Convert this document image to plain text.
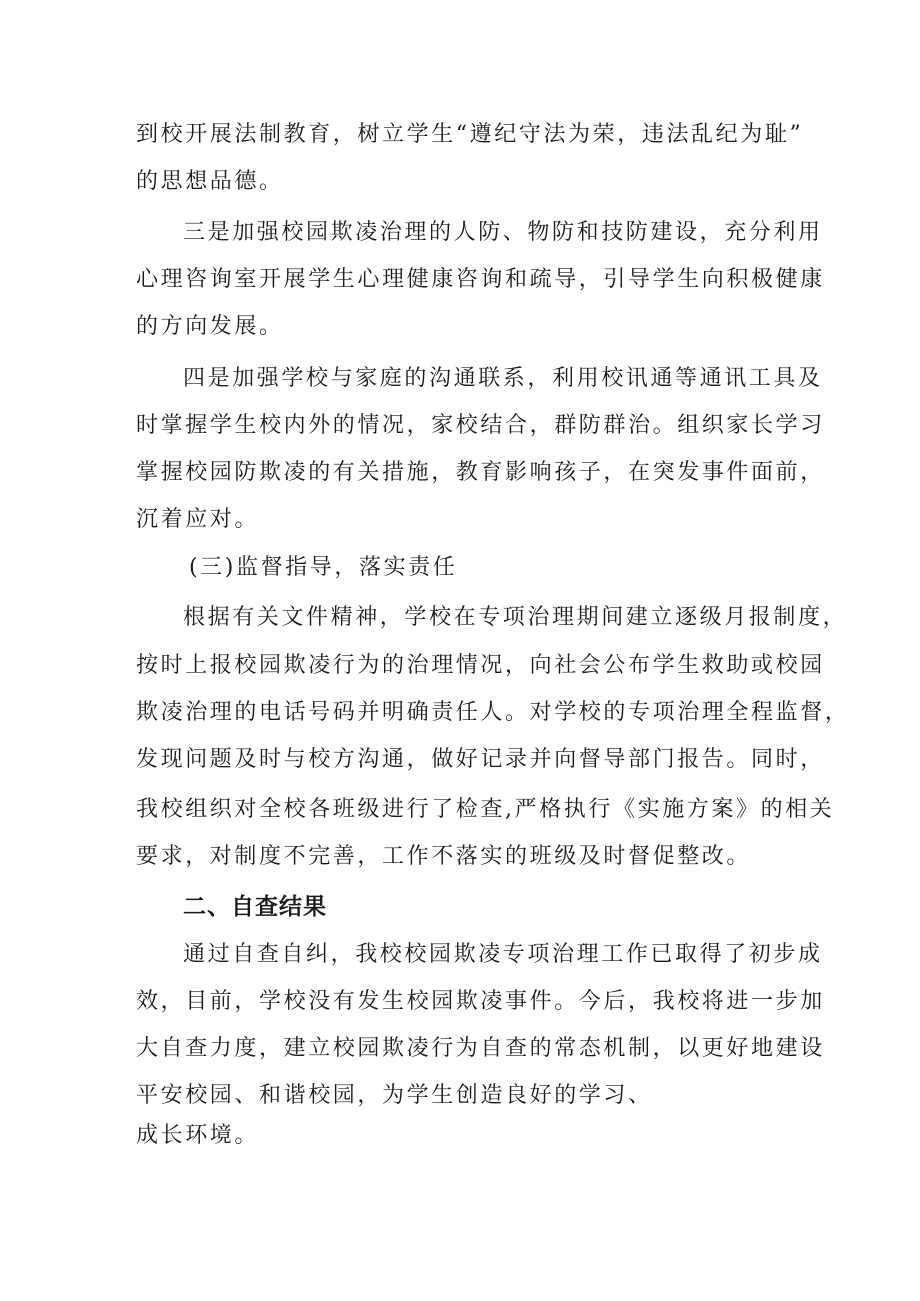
到校开展法制教育，树立学生“遵纪守法为荣，违法乱纪为耻”
的思想品德。
三是加强校园欺凌治理的人防、物防和技防建设，充分利用
心理咨询室开展学生心理健康咨询和疏导，引导学生向积极健康
的方向发展。
四是加强学校与家庭的沟通联系，利用校讯通等通讯工具及
时掌握学生校内外的情况，家校结合，群防群治。组织家长学习
掌握校园防欺凌的有关措施，教育影响孩子，在突发事件面前，
沉着应对。
(三)监督指导，落实责任
根据有关文件精神，学校在专项治理期间建立逐级月报制度，
按时上报校园欺凌行为的治理情况，向社会公布学生救助或校园
欺凌治理的电话号码并明确责任人。对学校的专项治理全程监督，
发现问题及时与校方沟通，做好记录并向督导部门报告。同时，
我校组织对全校各班级进行了检查,严格执行《实施方案》的相关
要求，对制度不完善，工作不落实的班级及时督促整改。
二、自查结果
通过自查自纠，我校校园欺凌专项治理工作已取得了初步成
效，目前，学校没有发生校园欺凌事件。今后，我校将进一步加
大自查力度，建立校园欺凌行为自查的常态机制，以更好地建设
平安校园、和谐校园，为学生创造良好的学习、
成长环境。
